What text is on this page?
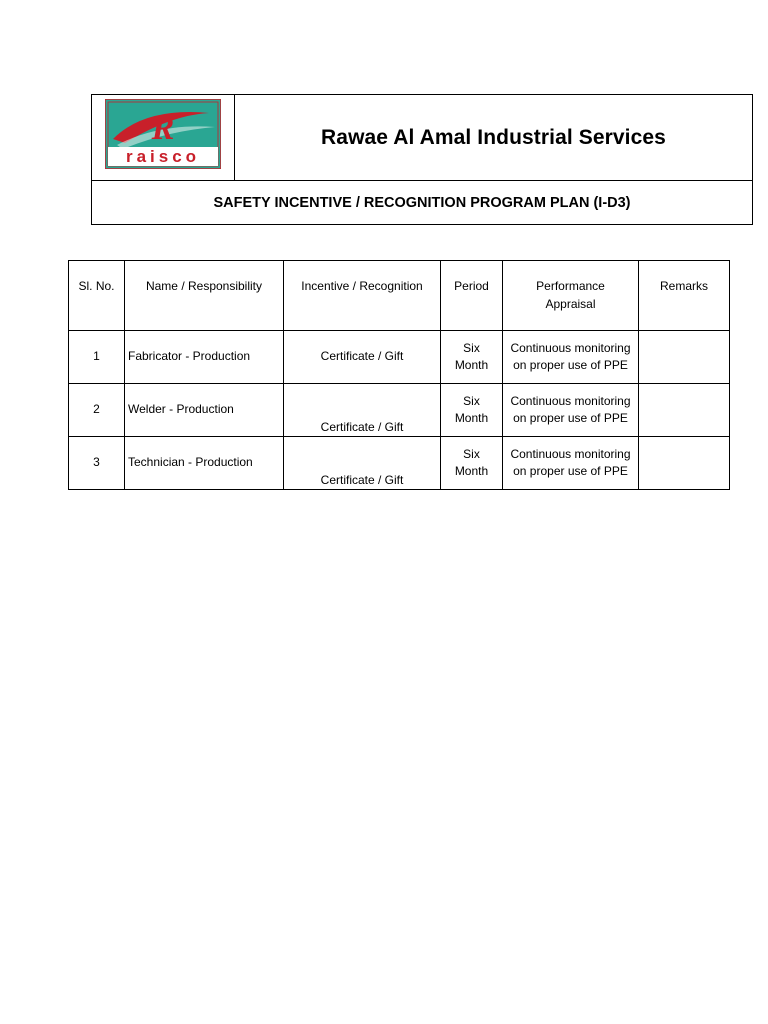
R
raisco
Rawae Al Amal Industrial Services
SAFETY INCENTIVE / RECOGNITION PROGRAM PLAN (I-D3)
Sl. No.	Name / Responsibility	Incentive / Recognition	Period	Performance Appraisal	Remarks
1	Fabricator - Production	Certificate / Gift	Six Month	Continuous monitoring on proper use of PPE	
2	Welder - Production	Certificate / Gift	Six Month	Continuous monitoring on proper use of PPE	
3	Technician - Production	Certificate / Gift	Six Month	Continuous monitoring on proper use of PPE	
